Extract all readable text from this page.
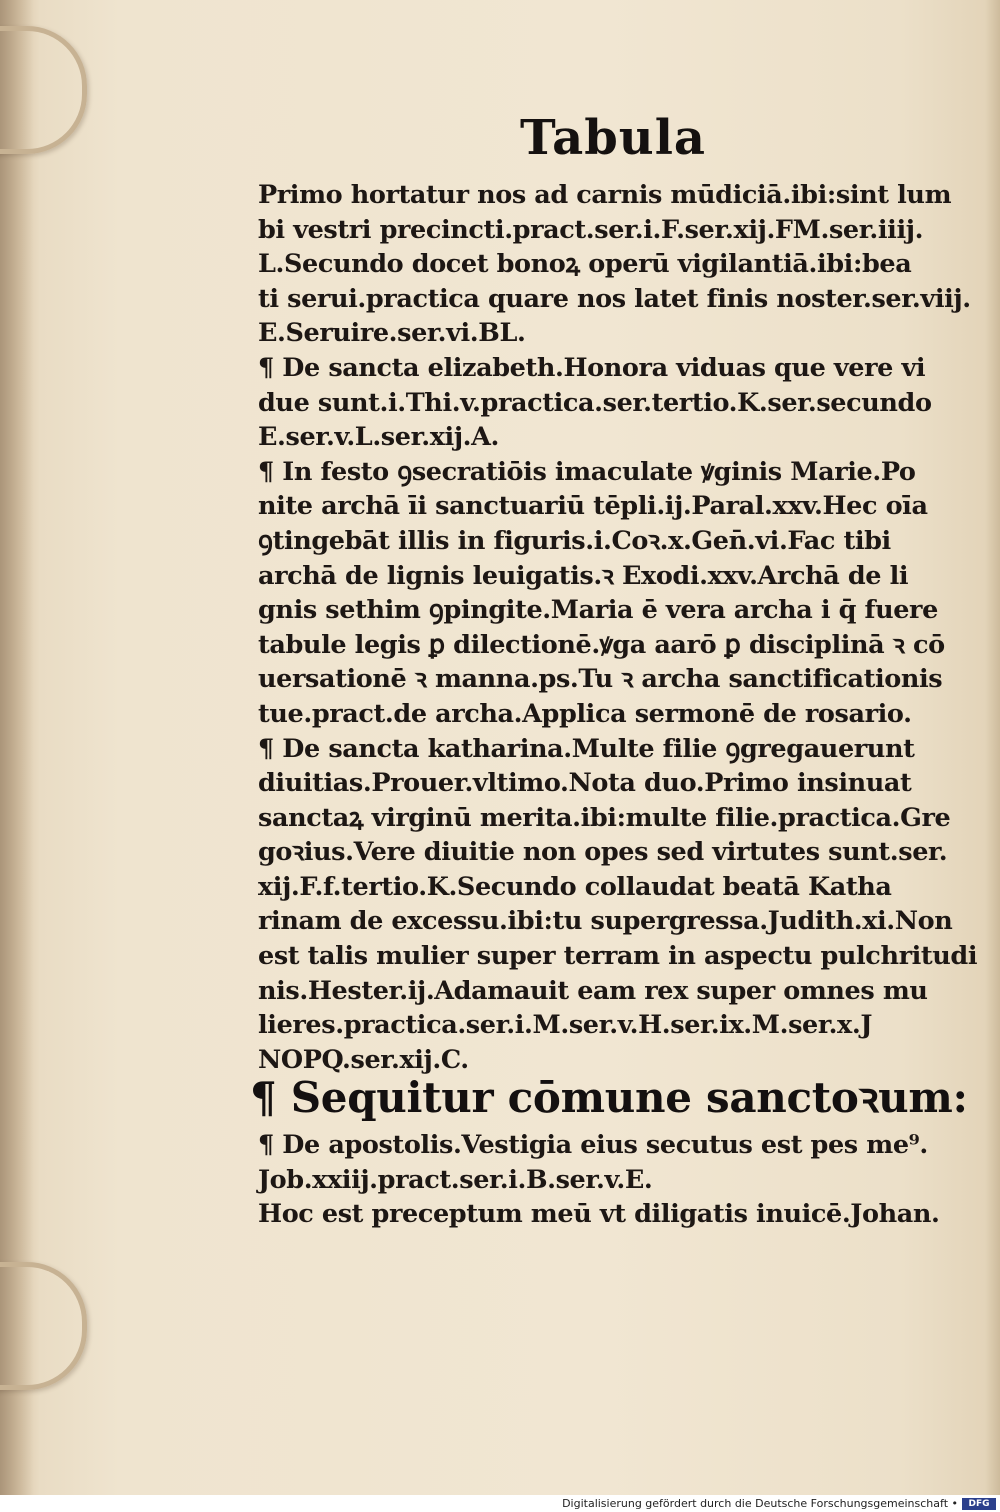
Tabula
Primo hortatur nos ad carnis mūdiciā.ibi:sint lum
bi vestri precincti.pract.ser.i.F.ser.xij.FM.ser.iiij.
L.Secundo docet bonoꝝ operū vigilantiā.ibi:bea
ti serui.practica quare nos latet finis noster.ser.viij.
E.Seruire.ser.vi.BL.
¶ De sancta elizabeth.Honora viduas que vere vi
due sunt.i.Thi.v.practica.ser.tertio.K.ser.secundo
E.ser.v.L.ser.xij.A.
¶ In festo ꝯsecratiōis imaculate ꝟginis Marie.Po
nite archā īi sanctuariū tēpli.ij.Paral.xxv.Hec oīa
ꝯtingebāt illis in figuris.i.Coꝛ.x.Gen̄.vi.Fac tibi
archā de lignis leuigatis.ꝛ Exodi.xxv.Archā de li
gnis sethim ꝯpingite.Maria ē vera archa i q̄ fuere
tabule legis ꝑ dilectionē.ꝟga aarō ꝑ disciplinā ꝛ cō
uersationē ꝛ manna.ps.Tu ꝛ archa sanctificationis
tue.pract.de archa.Applica sermonē de rosario.
¶ De sancta katharina.Multe filie ꝯgregauerunt
diuitias.Prouer.vltimo.Nota duo.Primo insinuat
sanctaꝝ virginū merita.ibi:multe filie.practica.Gre
goꝛius.Vere diuitie non opes sed virtutes sunt.ser.
xij.F.f.tertio.K.Secundo collaudat beatā Katha
rinam de excessu.ibi:tu supergressa.Judith.xi.Non
est talis mulier super terram in aspectu pulchritudi
nis.Hester.ij.Adamauit eam rex super omnes mu
lieres.practica.ser.i.M.ser.v.H.ser.ix.M.ser.x.J
NOPQ.ser.xij.C.
¶ Sequitur cōmune sanctoꝛum:
¶ De apostolis.Vestigia eius secutus est pes me⁹.
Job.xxiij.pract.ser.i.B.ser.v.E.
Hoc est preceptum meū vt diligatis inuicē.Johan.
Digitalisierung gefördert durch die Deutsche Forschungsgemeinschaft •	DFG
